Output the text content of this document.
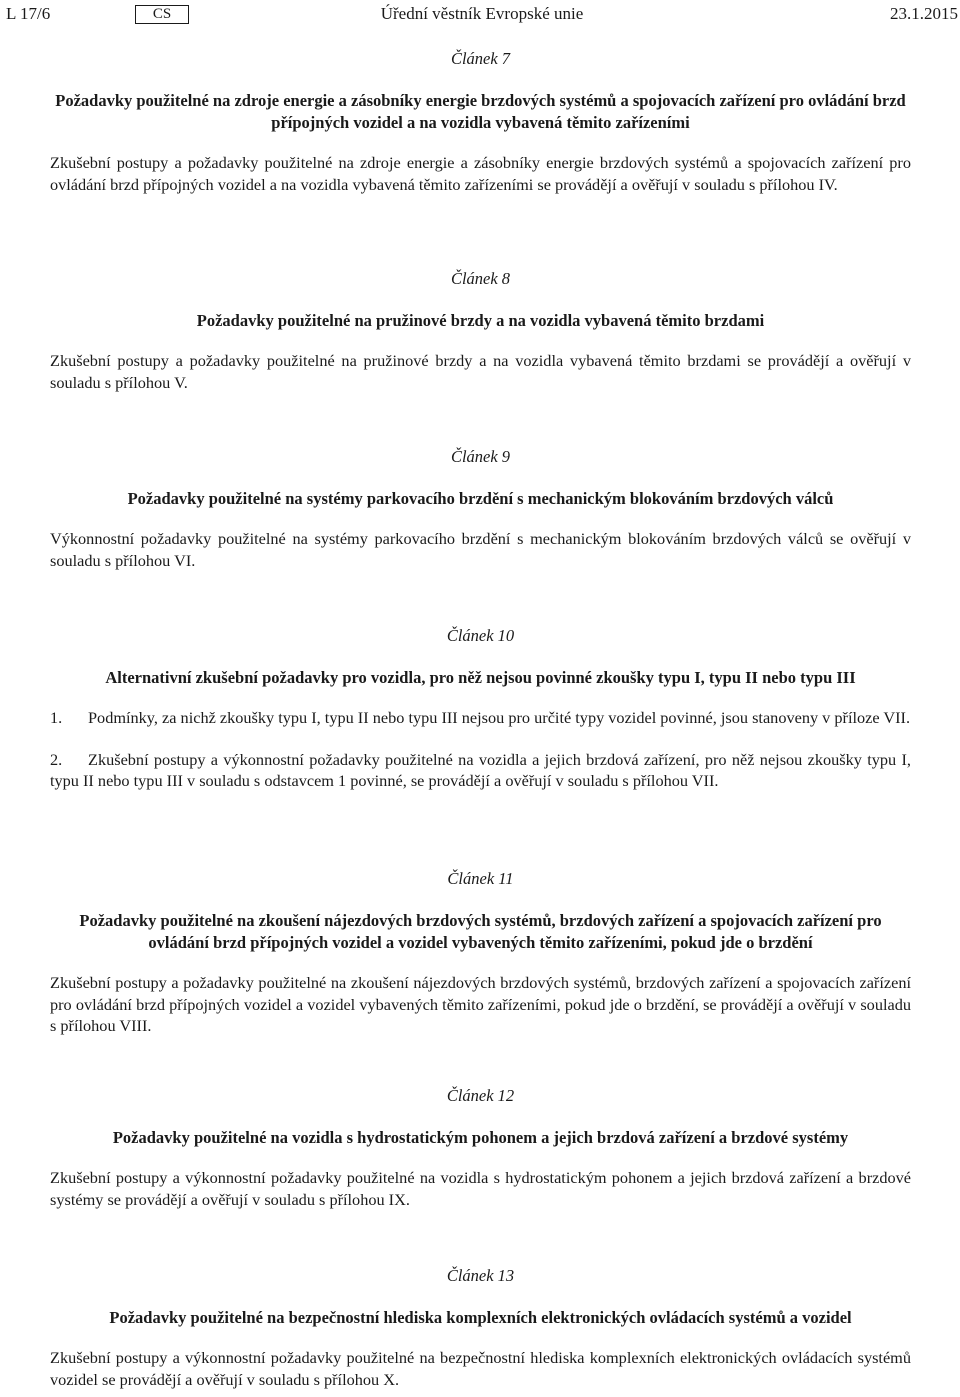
L 17/6	CS	Úřední věstník Evropské unie	23.1.2015

Článek 7

Požadavky použitelné na zdroje energie a zásobníky energie brzdových systémů a spojovacích zařízení pro ovládání brzd přípojných vozidel a na vozidla vybavená těmito zařízeními

Zkušební postupy a požadavky použitelné na zdroje energie a zásobníky energie brzdových systémů a spojovacích zařízení pro ovládání brzd přípojných vozidel a na vozidla vybavená těmito zařízeními se provádějí a ověřují v souladu s přílohou IV.

Článek 8

Požadavky použitelné na pružinové brzdy a na vozidla vybavená těmito brzdami

Zkušební postupy a požadavky použitelné na pružinové brzdy a na vozidla vybavená těmito brzdami se provádějí a ověřují v souladu s přílohou V.

Článek 9

Požadavky použitelné na systémy parkovacího brzdění s mechanickým blokováním brzdových válců

Výkonnostní požadavky použitelné na systémy parkovacího brzdění s mechanickým blokováním brzdových válců se ověřují v souladu s přílohou VI.

Článek 10

Alternativní zkušební požadavky pro vozidla, pro něž nejsou povinné zkoušky typu I, typu II nebo typu III

1. Podmínky, za nichž zkoušky typu I, typu II nebo typu III nejsou pro určité typy vozidel povinné, jsou stanoveny v příloze VII.

2. Zkušební postupy a výkonnostní požadavky použitelné na vozidla a jejich brzdová zařízení, pro něž nejsou zkoušky typu I, typu II nebo typu III v souladu s odstavcem 1 povinné, se provádějí a ověřují v souladu s přílohou VII.

Článek 11

Požadavky použitelné na zkoušení nájezdových brzdových systémů, brzdových zařízení a spojovacích zařízení pro ovládání brzd přípojných vozidel a vozidel vybavených těmito zařízeními, pokud jde o brzdění

Zkušební postupy a požadavky použitelné na zkoušení nájezdových brzdových systémů, brzdových zařízení a spojovacích zařízení pro ovládání brzd přípojných vozidel a vozidel vybavených těmito zařízeními, pokud jde o brzdění, se provádějí a ověřují v souladu s přílohou VIII.

Článek 12

Požadavky použitelné na vozidla s hydrostatickým pohonem a jejich brzdová zařízení a brzdové systémy

Zkušební postupy a výkonnostní požadavky použitelné na vozidla s hydrostatickým pohonem a jejich brzdová zařízení a brzdové systémy se provádějí a ověřují v souladu s přílohou IX.

Článek 13

Požadavky použitelné na bezpečnostní hlediska komplexních elektronických ovládacích systémů a vozidel

Zkušební postupy a výkonnostní požadavky použitelné na bezpečnostní hlediska komplexních elektronických ovládacích systémů vozidel se provádějí a ověřují v souladu s přílohou X.
